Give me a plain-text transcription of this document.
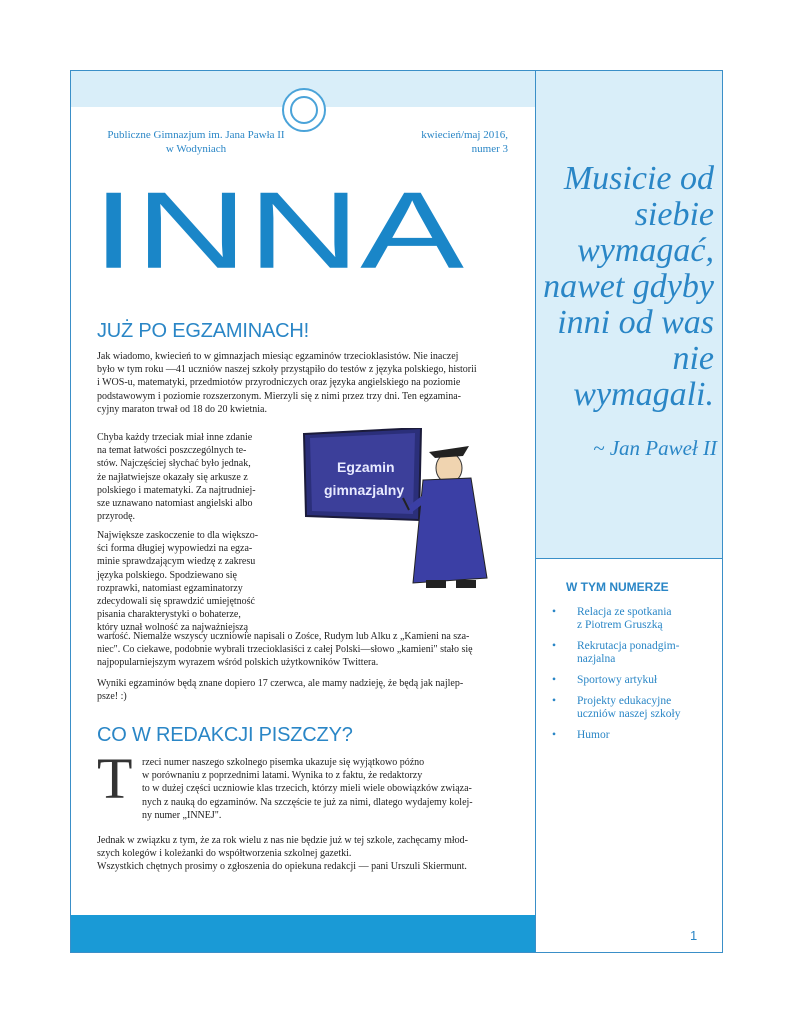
Publiczne Gimnazjum im. Jana Pawła II
w Wodyniach
kwiecień/maj 2016,
numer 3
INNA
JUŻ PO EGZAMINACH!
Jak wiadomo, kwiecień to w gimnazjach miesiąc egzaminów trzecioklasistów. Nie inaczej
było w tym roku —41 uczniów naszej szkoły przystąpiło do testów z języka polskiego, historii
i WOS-u, matematyki, przedmiotów przyrodniczych oraz języka angielskiego na poziomie
podstawowym i poziomie rozszerzonym. Mierzyli się z nimi przez trzy dni. Ten egzamina-
cyjny maraton trwał od 18 do 20 kwietnia.
Chyba każdy trzeciak miał inne zdanie
na temat łatwości poszczególnych te-
stów. Najczęściej słychać było jednak,
że najłatwiejsze okazały się arkusze z
polskiego i matematyki. Za najtrudniej-
sze uznawano natomiast angielski albo
przyrodę.
Największe zaskoczenie to dla większo-
ści forma długiej wypowiedzi na egza-
minie sprawdzającym wiedzę z zakresu
języka polskiego. Spodziewano się
rozprawki, natomiast egzaminatorzy
zdecydowali się sprawdzić umiejętność
pisania charakterystyki o bohaterze,
który uznał wolność za najważniejszą
wartość. Niemalże wszyscy uczniowie napisali o Zośce, Rudym lub Alku z „Kamieni na sza-
niec". Co ciekawe, podobnie wybrali trzecioklasiści z całej Polski—słowo „kamieni" stało się
najpopularniejszym wyrazem wśród polskich użytkowników Twittera.
Wyniki egzaminów będą znane dopiero 17 czerwca, ale mamy nadzieję, że będą jak najlep-
psze! :)
Egzamin
gimnazjalny
CO W REDAKCJI PISZCZY?
T rzeci numer naszego szkolnego pisemka ukazuje się wyjątkowo późno
w porównaniu z poprzednimi latami. Wynika to z faktu, że redaktorzy
to w dużej części uczniowie klas trzecich, którzy mieli wiele obowiązków związa-
nych z nauką do egzaminów. Na szczęście te już za nimi, dlatego wydajemy kolej-
ny numer „INNEJ".
Jednak w związku z tym, że za rok wielu z nas nie będzie już w tej szkole, zachęcamy młod-
szych kolegów i koleżanki do współtworzenia szkolnej gazetki.
Wszystkich chętnych prosimy o zgłoszenia do opiekuna redakcji — pani Urszuli Skiermunt.
Musicie od siebie wymagać, nawet gdyby inni od was nie wymagali.
~ Jan Paweł II
W TYM NUMERZE
• Relacja ze spotkania
z Piotrem Gruszką
• Rekrutacja ponadgim-
nazjalna
• Sportowy artykuł
• Projekty edukacyjne
uczniów naszej szkoły
• Humor
1
